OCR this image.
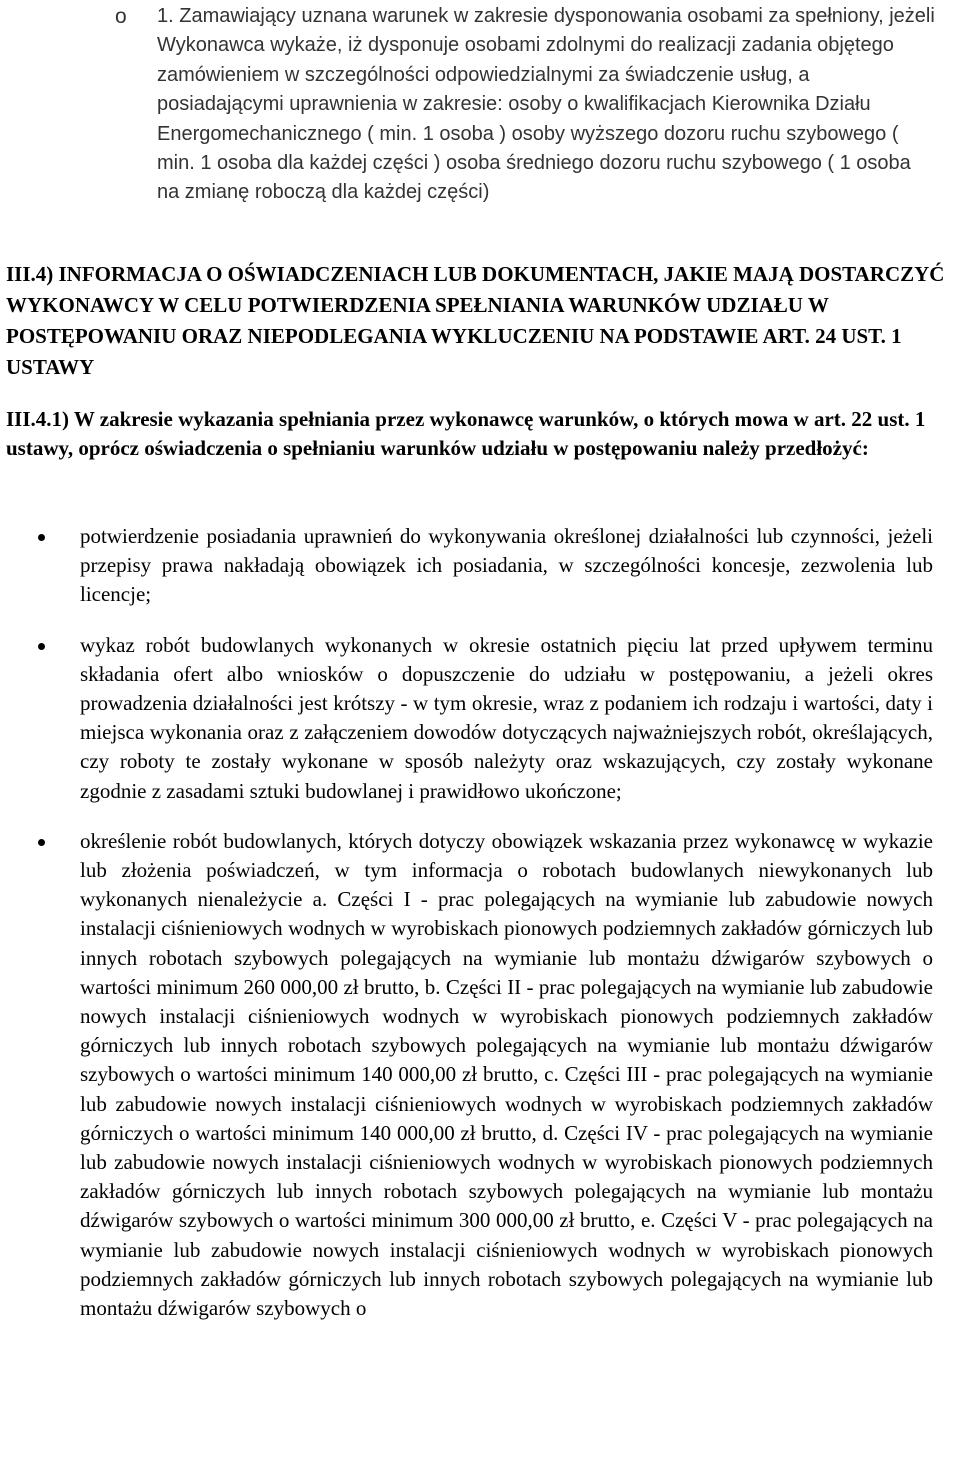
o 1. Zamawiający uznana warunek w zakresie dysponowania osobami za spełniony, jeżeli Wykonawca wykaże, iż dysponuje osobami zdolnymi do realizacji zadania objętego zamówieniem w szczególności odpowiedzialnymi za świadczenie usług, a posiadającymi uprawnienia w zakresie: osoby o kwalifikacjach Kierownika Działu Energomechanicznego ( min. 1 osoba ) osoby wyższego dozoru ruchu szybowego ( min. 1 osoba dla każdej części ) osoba średniego dozoru ruchu szybowego ( 1 osoba na zmianę roboczą dla każdej części)

III.4) INFORMACJA O OŚWIADCZENIACH LUB DOKUMENTACH, JAKIE MAJĄ DOSTARCZYĆ WYKONAWCY W CELU POTWIERDZENIA SPEŁNIANIA WARUNKÓW UDZIAŁU W POSTĘPOWANIU ORAZ NIEPODLEGANIA WYKLUCZENIU NA PODSTAWIE ART. 24 UST. 1 USTAWY

III.4.1) W zakresie wykazania spełniania przez wykonawcę warunków, o których mowa w art. 22 ust. 1 ustawy, oprócz oświadczenia o spełnianiu warunków udziału w postępowaniu należy przedłożyć:

potwierdzenie posiadania uprawnień do wykonywania określonej działalności lub czynności, jeżeli przepisy prawa nakładają obowiązek ich posiadania, w szczególności koncesje, zezwolenia lub licencje;
wykaz robót budowlanych wykonanych w okresie ostatnich pięciu lat przed upływem terminu składania ofert albo wniosków o dopuszczenie do udziału w postępowaniu, a jeżeli okres prowadzenia działalności jest krótszy - w tym okresie, wraz z podaniem ich rodzaju i wartości, daty i miejsca wykonania oraz z załączeniem dowodów dotyczących najważniejszych robót, określających, czy roboty te zostały wykonane w sposób należyty oraz wskazujących, czy zostały wykonane zgodnie z zasadami sztuki budowlanej i prawidłowo ukończone;
określenie robót budowlanych, których dotyczy obowiązek wskazania przez wykonawcę w wykazie lub złożenia poświadczeń, w tym informacja o robotach budowlanych niewykonanych lub wykonanych nienależycie a. Części I - prac polegających na wymianie lub zabudowie nowych instalacji ciśnieniowych wodnych w wyrobiskach pionowych podziemnych zakładów górniczych lub innych robotach szybowych polegających na wymianie lub montażu dźwigarów szybowych o wartości minimum 260 000,00 zł brutto, b. Części II - prac polegających na wymianie lub zabudowie nowych instalacji ciśnieniowych wodnych w wyrobiskach pionowych podziemnych zakładów górniczych lub innych robotach szybowych polegających na wymianie lub montażu dźwigarów szybowych o wartości minimum 140 000,00 zł brutto, c. Części III - prac polegających na wymianie lub zabudowie nowych instalacji ciśnieniowych wodnych w wyrobiskach podziemnych zakładów górniczych o wartości minimum 140 000,00 zł brutto, d. Części IV - prac polegających na wymianie lub zabudowie nowych instalacji ciśnieniowych wodnych w wyrobiskach pionowych podziemnych zakładów górniczych lub innych robotach szybowych polegających na wymianie lub montażu dźwigarów szybowych o wartości minimum 300 000,00 zł brutto, e. Części V - prac polegających na wymianie lub zabudowie nowych instalacji ciśnieniowych wodnych w wyrobiskach pionowych podziemnych zakładów górniczych lub innych robotach szybowych polegających na wymianie lub montażu dźwigarów szybowych o
